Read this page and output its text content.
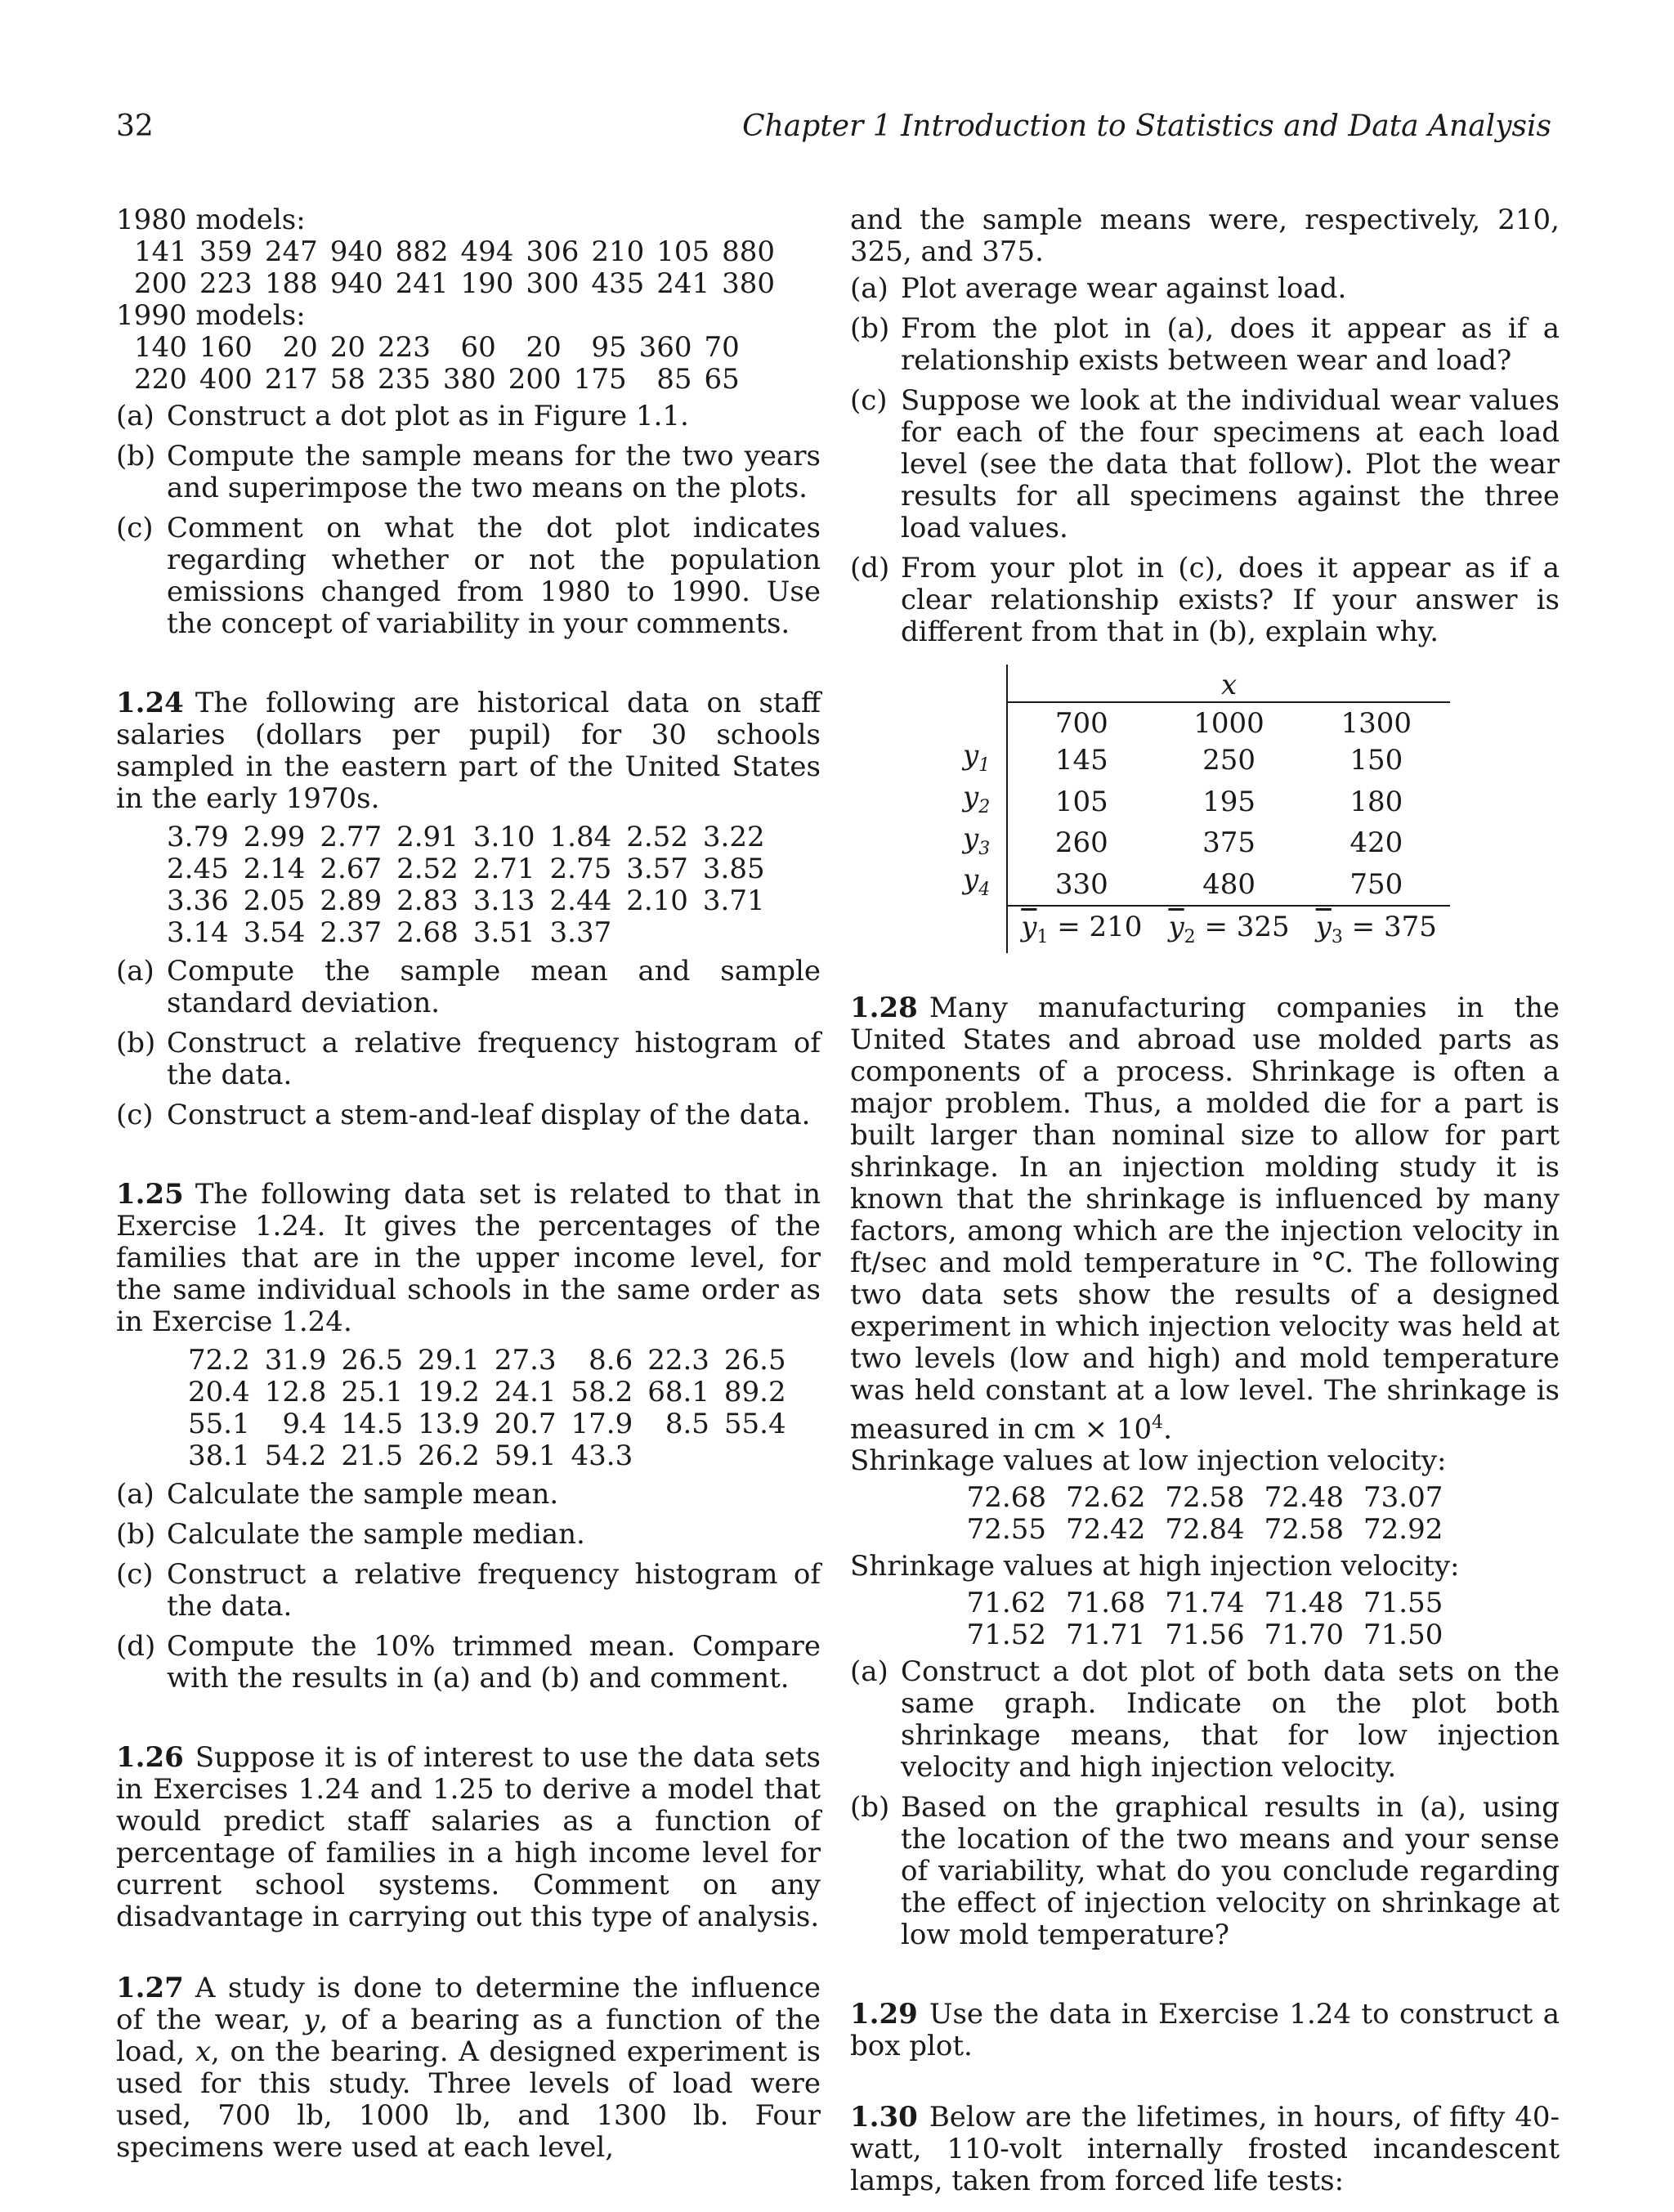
32	Chapter 1 Introduction to Statistics and Data Analysis

1980 models:

141	359	247	940	882	494	306	210	105	880
200	223	188	940	241	190	300	435	241	380

1990 models:

140	160	20	20	223	60	20	95	360	70
220	400	217	58	235	380	200	175	85	65
(a) Construct a dot plot as in Figure 1.1.
(b) Compute the sample means for the two years and superimpose the two means on the plots.
(c) Comment on what the dot plot indicates regarding whether or not the population emissions changed from 1980 to 1990. Use the concept of variability in your comments.

1.24 The following are historical data on staff salaries (dollars per pupil) for 30 schools sampled in the eastern part of the United States in the early 1970s.

3.79	2.99	2.77	2.91	3.10	1.84	2.52	3.22
2.45	2.14	2.67	2.52	2.71	2.75	3.57	3.85
3.36	2.05	2.89	2.83	3.13	2.44	2.10	3.71
3.14	3.54	2.37	2.68	3.51	3.37		
(a) Compute the sample mean and sample standard deviation.
(b) Construct a relative frequency histogram of the data.
(c) Construct a stem-and-leaf display of the data.

1.25 The following data set is related to that in Exercise 1.24. It gives the percentages of the families that are in the upper income level, for the same individual schools in the same order as in Exercise 1.24.

72.2	31.9	26.5	29.1	27.3	8.6	22.3	26.5
20.4	12.8	25.1	19.2	24.1	58.2	68.1	89.2
55.1	9.4	14.5	13.9	20.7	17.9	8.5	55.4
38.1	54.2	21.5	26.2	59.1	43.3		
(a) Calculate the sample mean.
(b) Calculate the sample median.
(c) Construct a relative frequency histogram of the data.
(d) Compute the 10% trimmed mean. Compare with the results in (a) and (b) and comment.

1.26 Suppose it is of interest to use the data sets in Exercises 1.24 and 1.25 to derive a model that would predict staff salaries as a function of percentage of families in a high income level for current school systems. Comment on any disadvantage in carrying out this type of analysis.

1.27 A study is done to determine the influence of the wear, y, of a bearing as a function of the load, x, on the bearing. A designed experiment is used for this study. Three levels of load were used, 700 lb, 1000 lb, and 1300 lb. Four specimens were used at each level,

and the sample means were, respectively, 210, 325, and 375.

(a) Plot average wear against load.
(b) From the plot in (a), does it appear as if a relationship exists between wear and load?
(c) Suppose we look at the individual wear values for each of the four specimens at each load level (see the data that follow). Plot the wear results for all specimens against the three load values.
(d) From your plot in (c), does it appear as if a clear relationship exists? If your answer is different from that in (b), explain why.
	x		
	700	1000	1300
$y_1$	145	250	150
$y_2$	105	195	180
$y_3$	260	375	420
$y_4$	330	480	750
	$\overline{y}_1 = 210$	$\overline{y}_2 = 325$	$\overline{y}_3 = 375$

1.28 Many manufacturing companies in the United States and abroad use molded parts as components of a process. Shrinkage is often a major problem. Thus, a molded die for a part is built larger than nominal size to allow for part shrinkage. In an injection molding study it is known that the shrinkage is influenced by many factors, among which are the injection velocity in ft/sec and mold temperature in °C. The following two data sets show the results of a designed experiment in which injection velocity was held at two levels (low and high) and mold temperature was held constant at a low level. The shrinkage is measured in cm × $10^4$.

Shrinkage values at low injection velocity:

72.68	72.62	72.58	72.48	73.07
72.55	72.42	72.84	72.58	72.92

Shrinkage values at high injection velocity:

71.62	71.68	71.74	71.48	71.55
71.52	71.71	71.56	71.70	71.50
(a) Construct a dot plot of both data sets on the same graph. Indicate on the plot both shrinkage means, that for low injection velocity and high injection velocity.
(b) Based on the graphical results in (a), using the location of the two means and your sense of variability, what do you conclude regarding the effect of injection velocity on shrinkage at low mold temperature?

1.29 Use the data in Exercise 1.24 to construct a box plot.

1.30 Below are the lifetimes, in hours, of fifty 40-watt, 110-volt internally frosted incandescent lamps, taken from forced life tests:
